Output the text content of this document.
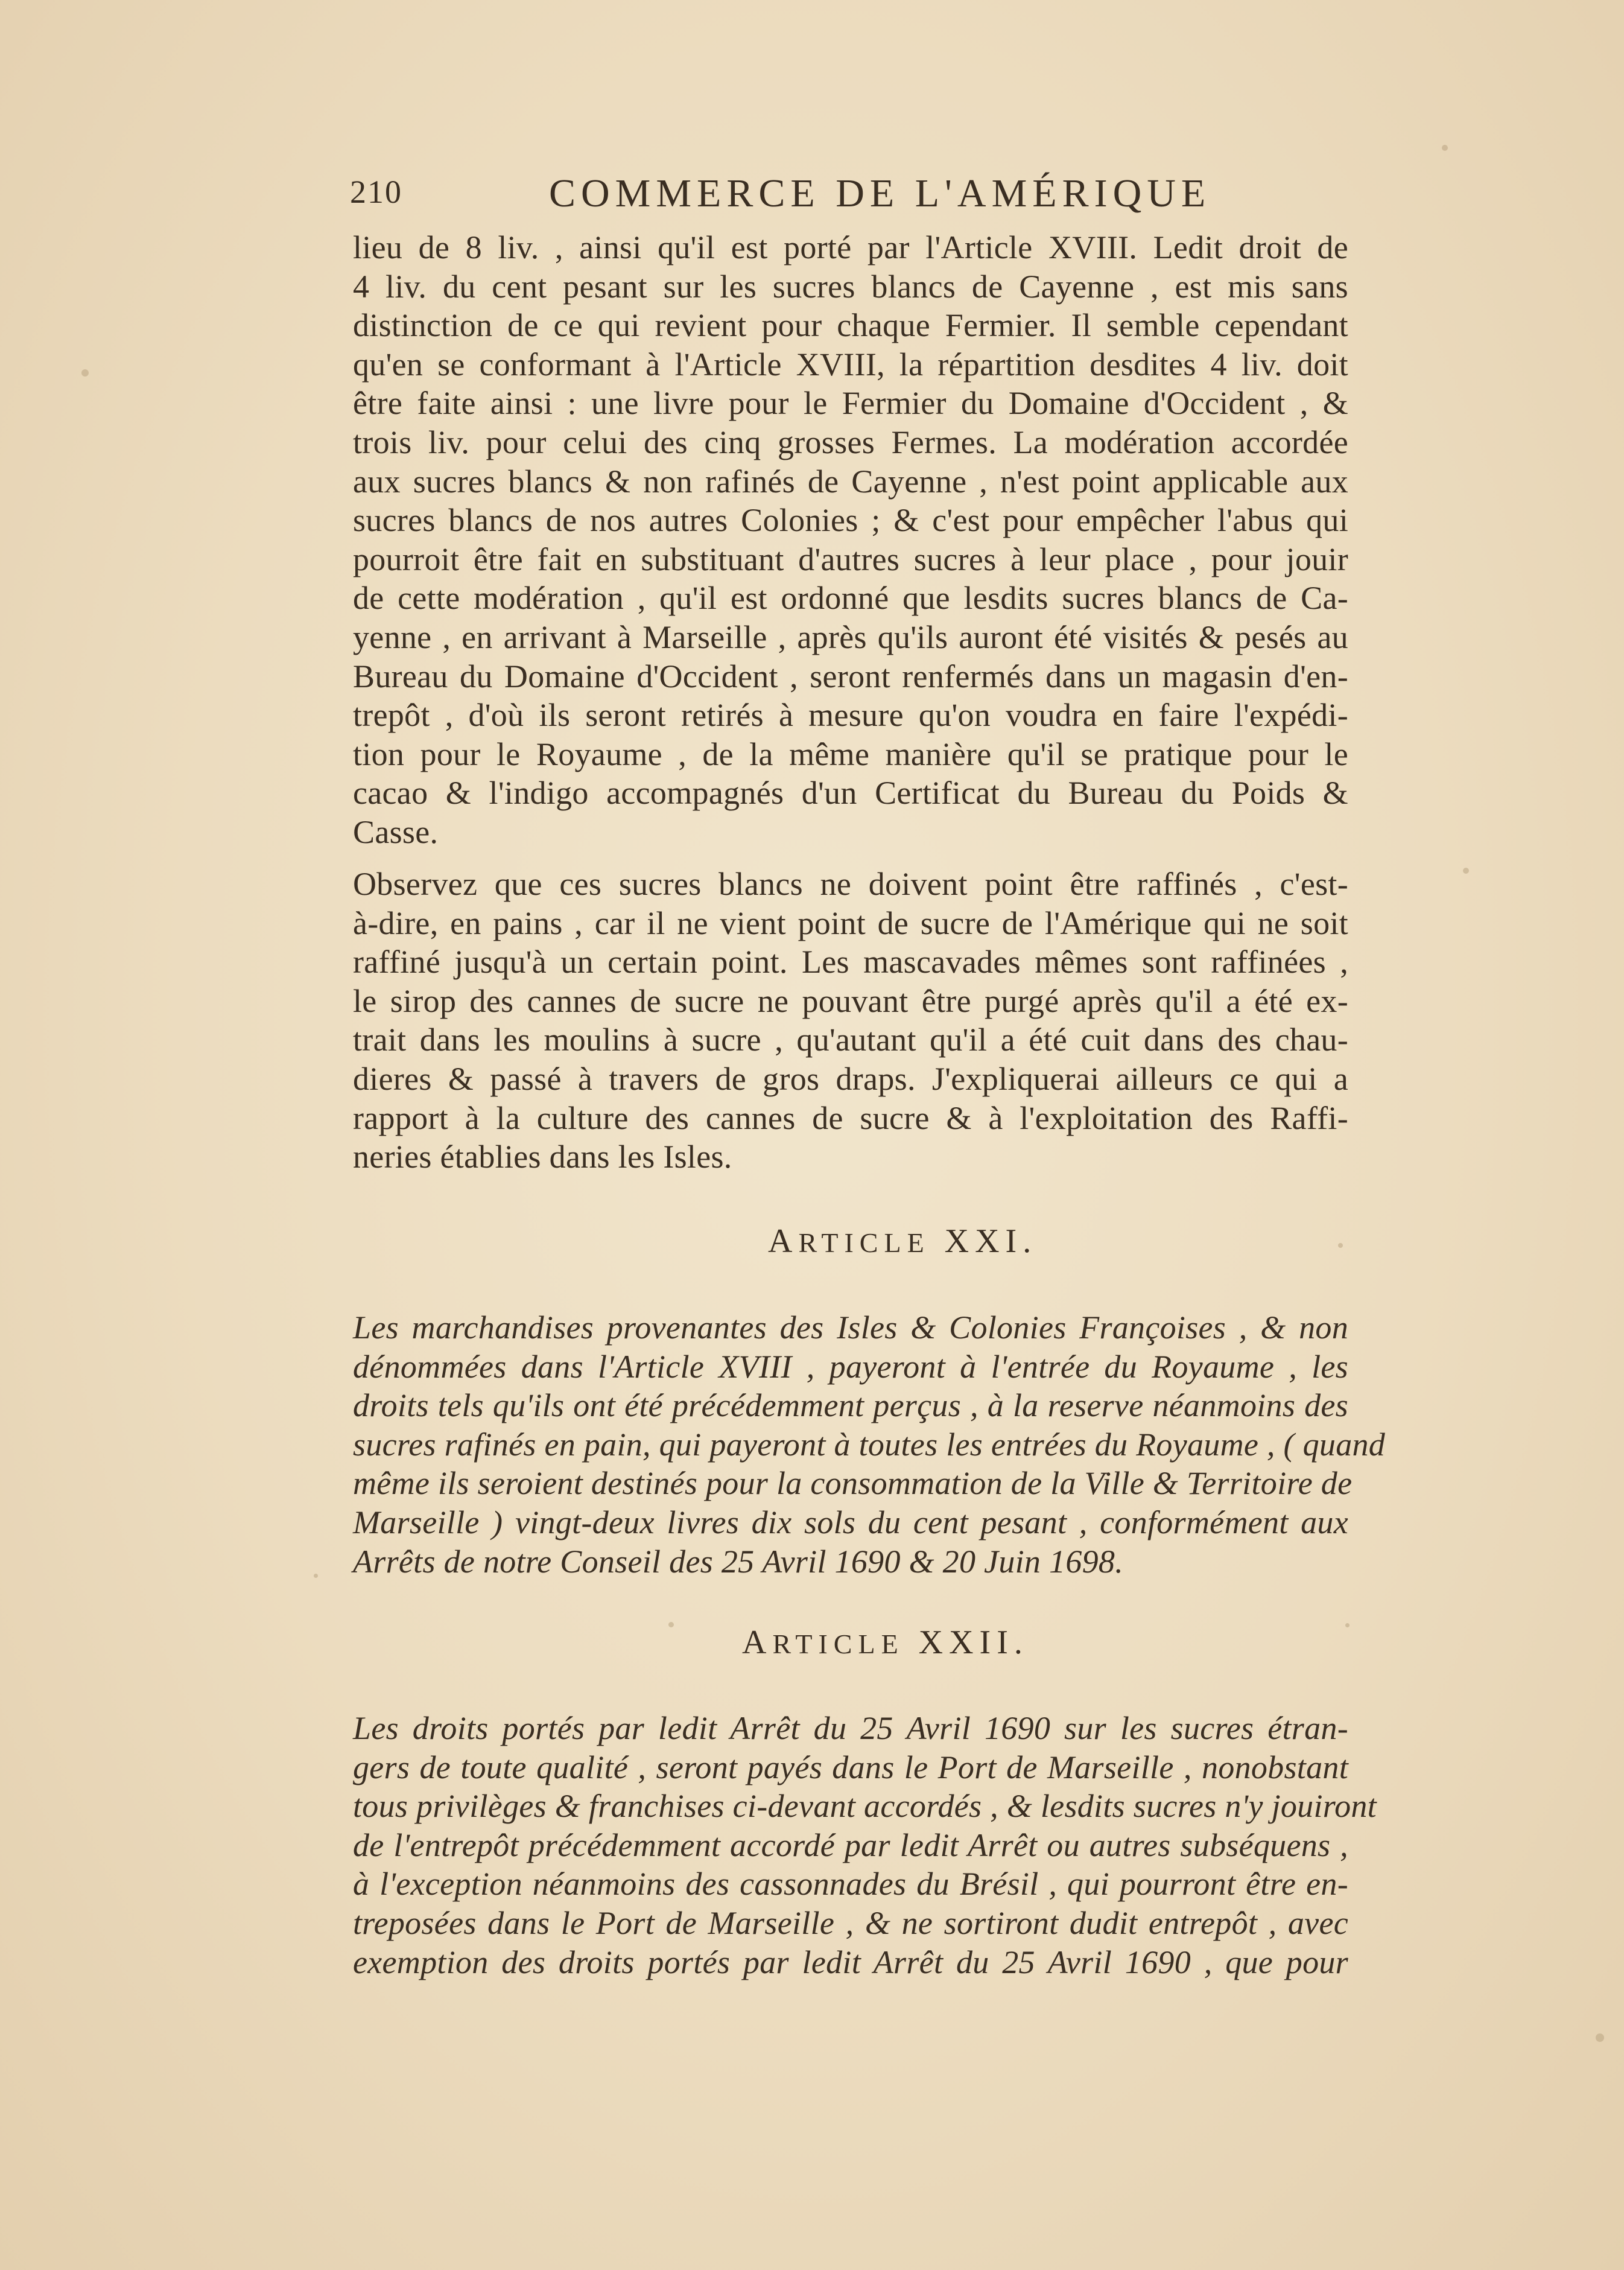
210	COMMERCE DE L'AMÉRIQUE
lieu de 8 liv. , ainsi qu'il est porté par l'Article XVIII. Ledit droit de
4 liv. du cent pesant sur les sucres blancs de Cayenne , est mis sans
distinction de ce qui revient pour chaque Fermier. Il semble cependant
qu'en se conformant à l'Article XVIII, la répartition desdites 4 liv. doit
être faite ainsi : une livre pour le Fermier du Domaine d'Occident , &
trois liv. pour celui des cinq grosses Fermes. La modération accordée
aux sucres blancs & non rafinés de Cayenne , n'est point applicable aux
sucres blancs de nos autres Colonies ; & c'est pour empêcher l'abus qui
pourroit être fait en substituant d'autres sucres à leur place , pour jouir
de cette modération , qu'il est ordonné que lesdits sucres blancs de Ca-
yenne , en arrivant à Marseille , après qu'ils auront été visités & pesés au
Bureau du Domaine d'Occident , seront renfermés dans un magasin d'en-
trepôt , d'où ils seront retirés à mesure qu'on voudra en faire l'expédi-
tion pour le Royaume , de la même manière qu'il se pratique pour le
cacao & l'indigo accompagnés d'un Certificat du Bureau du Poids &
Casse.
Observez que ces sucres blancs ne doivent point être raffinés , c'est-
à-dire, en pains , car il ne vient point de sucre de l'Amérique qui ne soit
raffiné jusqu'à un certain point. Les mascavades mêmes sont raffinées ,
le sirop des cannes de sucre ne pouvant être purgé après qu'il a été ex-
trait dans les moulins à sucre , qu'autant qu'il a été cuit dans des chau-
dieres & passé à travers de gros draps. J'expliquerai ailleurs ce qui a
rapport à la culture des cannes de sucre & à l'exploitation des Raffi-
neries établies dans les Isles.
ARTICLE XXI.
Les marchandises provenantes des Isles & Colonies Françoises , & non
dénommées dans l'Article XVIII , payeront à l'entrée du Royaume , les
droits tels qu'ils ont été précédemment perçus , à la reserve néanmoins des
sucres rafinés en pain, qui payeront à toutes les entrées du Royaume , ( quand
même ils seroient destinés pour la consommation de la Ville & Territoire de
Marseille ) vingt-deux livres dix sols du cent pesant , conformément aux
Arrêts de notre Conseil des 25 Avril 1690 & 20 Juin 1698.
ARTICLE XXII.
Les droits portés par ledit Arrêt du 25 Avril 1690 sur les sucres étran-
gers de toute qualité , seront payés dans le Port de Marseille , nonobstant
tous privilèges & franchises ci-devant accordés , & lesdits sucres n'y jouiront
de l'entrepôt précédemment accordé par ledit Arrêt ou autres subséquens ,
à l'exception néanmoins des cassonnades du Brésil , qui pourront être en-
treposées dans le Port de Marseille , & ne sortiront dudit entrepôt , avec
exemption des droits portés par ledit Arrêt du 25 Avril 1690 , que pour
